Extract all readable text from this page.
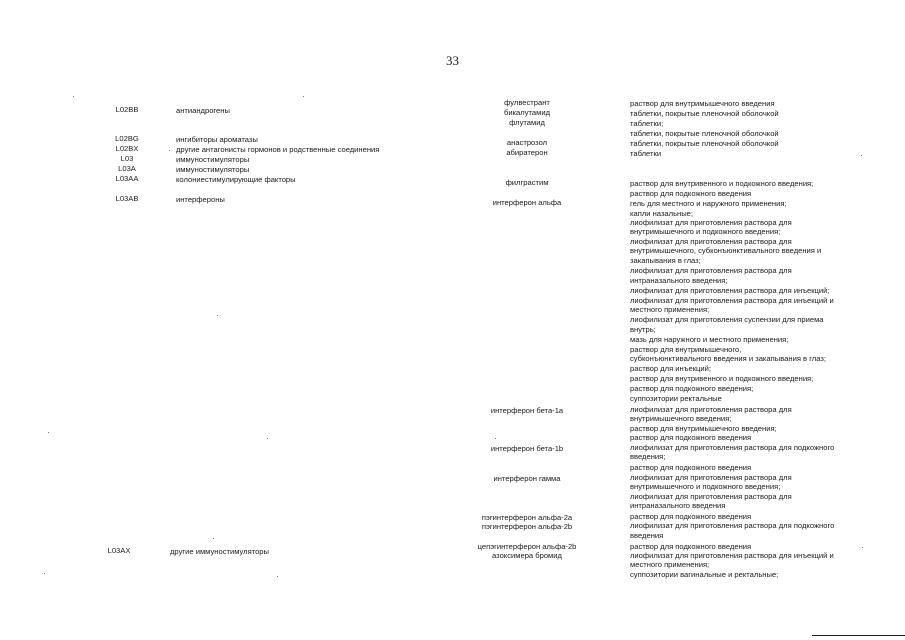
33
L02BB
L02BG
L02BX
L03
L03A
L03AA
L03AB
L03AX
антиандрогены
ингибиторы ароматазы
другие антагонисты гормонов и родственные соединения
иммуностимуляторы
иммуностимуляторы
колониестимулирующие факторы
интерфероны
другие иммуностимуляторы
фулвестрант
бикалутамид
флутамид
анастрозол
абиратерон
филграстим
интерферон альфа
интерферон бета-1a
интерферон бета-1b
интерферон гамма
пэгинтерферон альфа-2a
пэгинтерферон альфа-2b
цепэгинтерферон альфа-2b
азоксимера бромид
раствор для внутримышечного введения
таблетки, покрытые пленочной оболочкой
таблетки;
таблетки, покрытые пленочной оболочкой
таблетки, покрытые пленочной оболочкой
таблетки
раствор для внутривенного и подкожного введения;
раствор для подкожного введения
гель для местного и наружного применения;
капли назальные;
лиофилизат для приготовления раствора для
внутримышечного и подкожного введения;
лиофилизат для приготовления раствора для
внутримышечного, субконъюнктивального введения и
закапывания в глаз;
лиофилизат для приготовления раствора для
интраназального введения;
лиофилизат для приготовления раствора для инъекций;
лиофилизат для приготовления раствора для инъекций и
местного применения;
лиофилизат для приготовления суспензии для приема
внутрь;
мазь для наружного и местного применения;
раствор для внутримышечного,
субконъюнктивального введения и закапывания в глаз;
раствор для инъекций;
раствор для внутривенного и подкожного введения;
раствор для подкожного введения;
суппозитории ректальные
лиофилизат для приготовления раствора для
внутримышечного введения;
раствор для внутримышечного введения;
раствор для подкожного введения
лиофилизат для приготовления раствора для подкожного
введения;
раствор для подкожного введения
лиофилизат для приготовления раствора для
внутримышечного и подкожного введения;
лиофилизат для приготовления раствора для
интраназального введения
раствор для подкожного введения
лиофилизат для приготовления раствора для подкожного
введения
раствор для подкожного введения
лиофилизат для приготовления раствора для инъекций и
местного применения;
суппозитории вагинальные и ректальные;
